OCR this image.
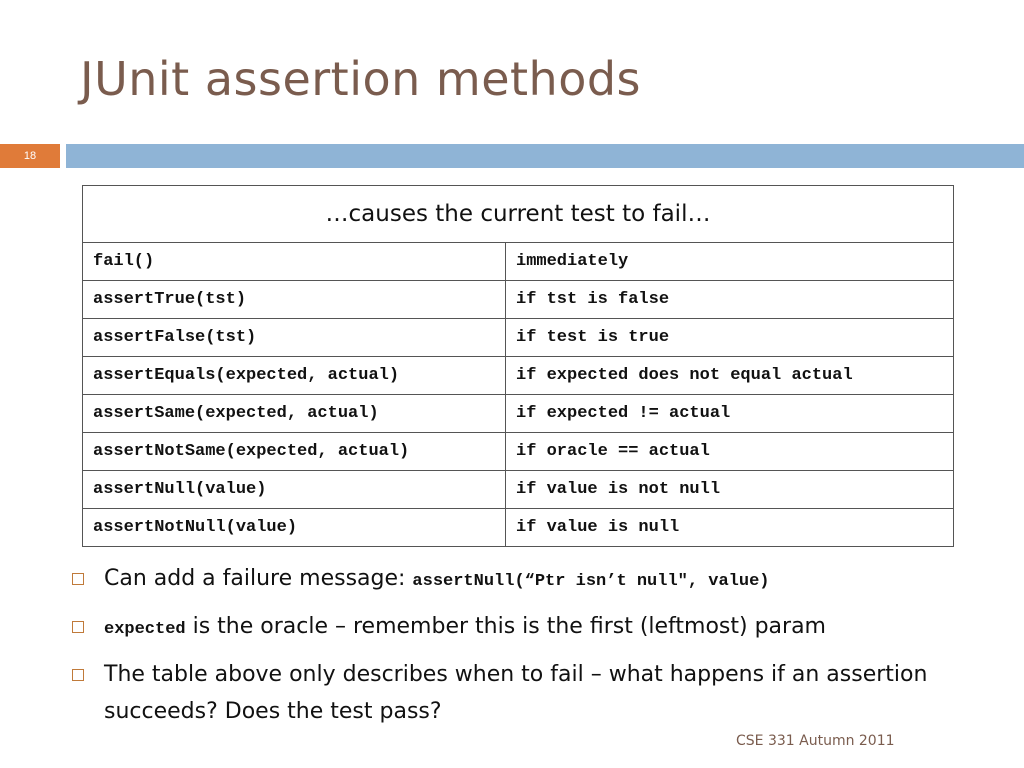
JUnit assertion methods
18
…causes the current test to fail…	
fail()	immediately
assertTrue(tst)	if tst is false
assertFalse(tst)	if test is true
assertEquals(expected, actual)	if expected does not equal actual
assertSame(expected, actual)	if expected != actual
assertNotSame(expected, actual)	if oracle == actual
assertNull(value)	if value is not null
assertNotNull(value)	if value is null
Can add a failure message: assertNull(“Ptr isn’t null", value)
expected is the oracle – remember this is the first (leftmost) param
The table above only describes when to fail – what happens if an assertion succeeds? Does the test pass?
CSE 331 Autumn 2011
